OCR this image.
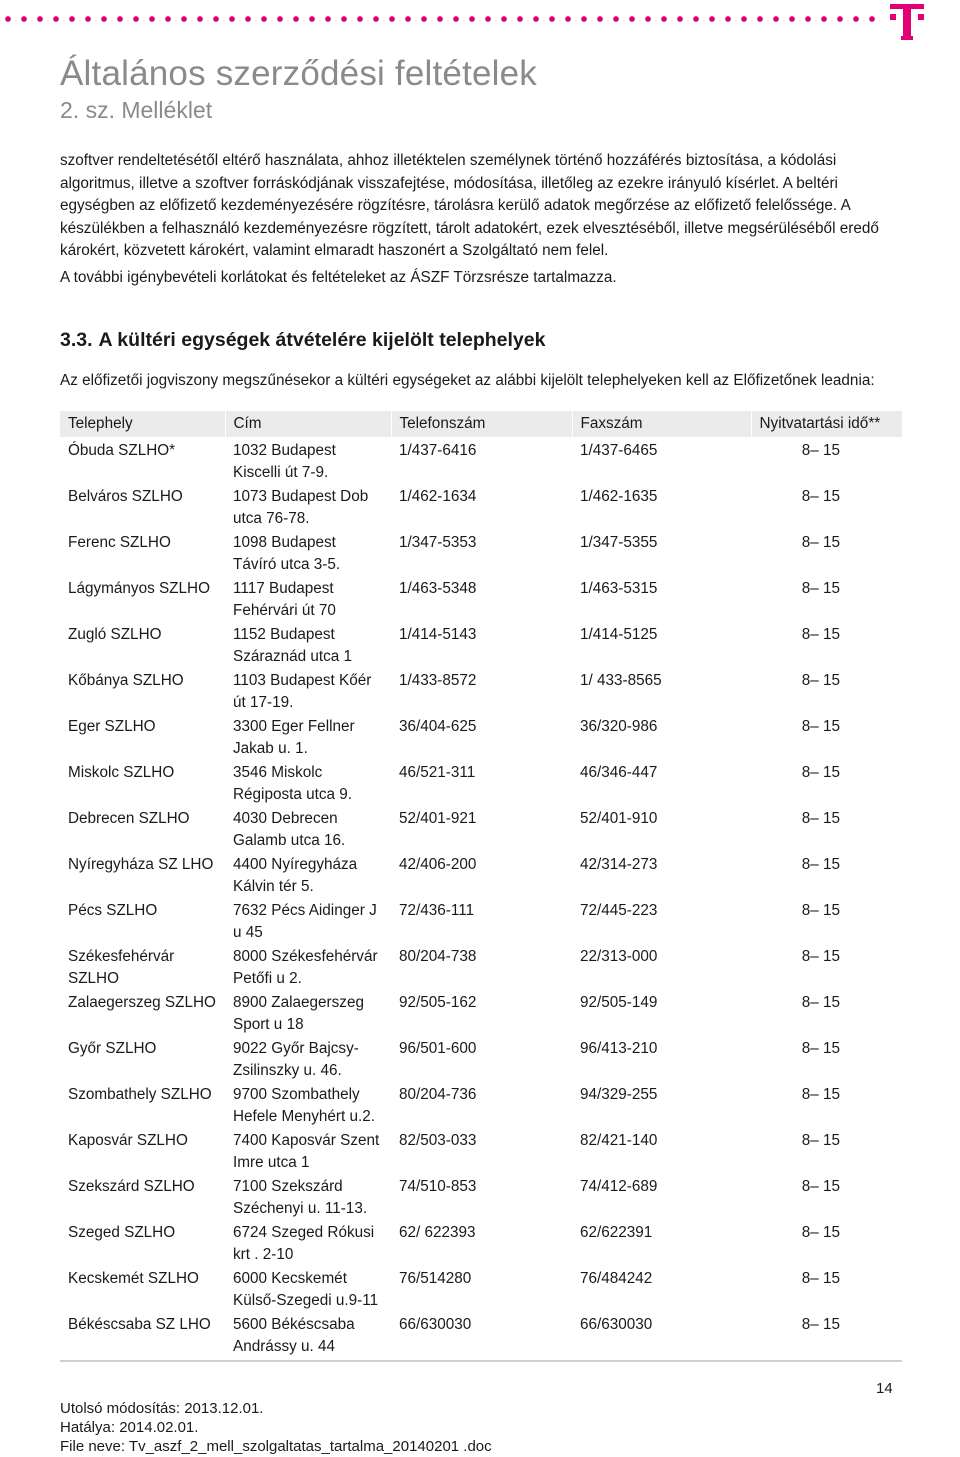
Általános szerződési feltételek
2. sz. Melléklet

szoftver rendeltetésétől eltérő használata, ahhoz illetéktelen személynek történő hozzáférés biztosítása, a kódolási algoritmus, illetve a szoftver forráskódjának visszafejtése, módosítása, illetőleg az ezekre irányuló kísérlet. A beltéri egységben az előfizető kezdeményezésére rögzítésre, tárolásra kerülő adatok megőrzése az előfizető felelőssége. A készülékben a felhasználó kezdeményezésre rögzített, tárolt adatokért, ezek elvesztéséből, illetve megsérüléséből eredő károkért, közvetett károkért, valamint elmaradt haszonért a Szolgáltató nem felel.

A további igénybevételi korlátokat és feltételeket az ÁSZF Törzsrésze tartalmazza.

3.3. A kültéri egységek átvételére kijelölt telephelyek

Az előfizetői jogviszony megszűnésekor a kültéri egységeket az alábbi kijelölt telephelyeken kell az Előfizetőnek leadnia:

Telephely	Cím	Telefonszám	Faxszám	Nyitvatartási idő**
Óbuda SZLHO*	1032 Budapest Kiscelli út 7-9.	1/437-6416	1/437-6465	8– 15
Belváros SZLHO	1073 Budapest Dob utca 76-78.	1/462-1634	1/462-1635	8– 15
Ferenc SZLHO	1098 Budapest Távíró utca 3-5.	1/347-5353	1/347-5355	8– 15
Lágymányos SZLHO	1117 Budapest Fehérvári út 70	1/463-5348	1/463-5315	8– 15
Zugló SZLHO	1152 Budapest Száraznád utca 1	1/414-5143	1/414-5125	8– 15
Kőbánya SZLHO	1103 Budapest Kőér út 17-19.	1/433-8572	1/ 433-8565	8– 15
Eger SZLHO	3300 Eger Fellner Jakab u. 1.	36/404-625	36/320-986	8– 15
Miskolc SZLHO	3546 Miskolc Régiposta utca 9.	46/521-311	46/346-447	8– 15
Debrecen SZLHO	4030 Debrecen Galamb utca 16.	52/401-921	52/401-910	8– 15
Nyíregyháza SZ LHO	4400 Nyíregyháza Kálvin tér 5.	42/406-200	42/314-273	8– 15
Pécs SZLHO	7632 Pécs Aidinger J u 45	72/436-111	72/445-223	8– 15
Székesfehérvár SZLHO	8000 Székesfehérvár Petőfi u 2.	80/204-738	22/313-000	8– 15
Zalaegerszeg SZLHO	8900 Zalaegerszeg Sport u 18	92/505-162	92/505-149	8– 15
Győr SZLHO	9022 Győr Bajcsy-Zsilinszky u. 46.	96/501-600	96/413-210	8– 15
Szombathely SZLHO	9700 Szombathely Hefele Menyhért u.2.	80/204-736	94/329-255	8– 15
Kaposvár SZLHO	7400 Kaposvár Szent Imre utca 1	82/503-033	82/421-140	8– 15
Szekszárd SZLHO	7100 Szekszárd Széchenyi u. 11-13.	74/510-853	74/412-689	8– 15
Szeged SZLHO	6724 Szeged Rókusi krt . 2-10	62/ 622393	62/622391	8– 15
Kecskemét SZLHO	6000 Kecskemét Külső-Szegedi u.9-11	76/514280	76/484242	8– 15
Békéscsaba SZ LHO	5600 Békéscsaba Andrássy u. 44	66/630030	66/630030	8– 15
14
Utolsó módosítás: 2013.12.01.
Hatálya: 2014.02.01.
File neve: Tv_aszf_2_mell_szolgaltatas_tartalma_20140201 .doc
